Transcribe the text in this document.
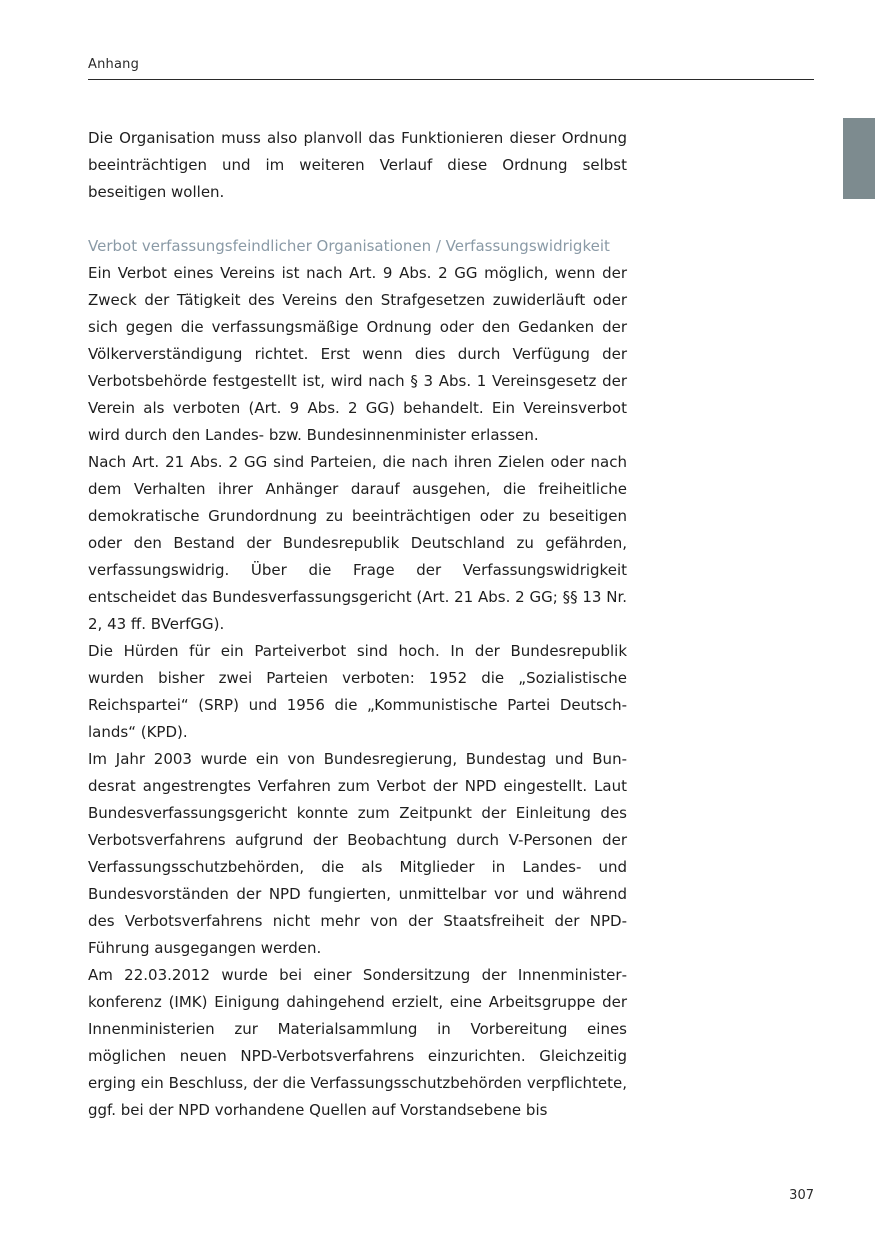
Anhang

Die Organisation muss also planvoll das Funktionieren dieser Ordnung beeinträchtigen und im weiteren Verlauf diese Ordnung selbst beseitigen wollen.

Verbot verfassungsfeindlicher Organisationen / Verfassungswidrigkeit

Ein Verbot eines Vereins ist nach Art. 9 Abs. 2 GG möglich, wenn der Zweck der Tätigkeit des Vereins den Strafgesetzen zuwiderläuft oder sich gegen die verfassungsmäßige Ordnung oder den Gedanken der Völkerverständigung richtet. Erst wenn dies durch Verfügung der Verbotsbehörde festgestellt ist, wird nach § 3 Abs. 1 Vereinsgesetz der Verein als verboten (Art. 9 Abs. 2 GG) behandelt. Ein Vereinsverbot wird durch den Landes- bzw. Bundesinnenminister erlassen.

Nach Art. 21 Abs. 2 GG sind Parteien, die nach ihren Zielen oder nach dem Verhalten ihrer Anhänger darauf ausgehen, die freiheitliche demokratische Grundordnung zu beeinträchtigen oder zu beseitigen oder den Bestand der Bundesrepublik Deutschland zu gefährden, verfassungswidrig. Über die Frage der Verfassungswidrigkeit entscheidet das Bundesverfassungsgericht (Art. 21 Abs. 2 GG; §§ 13 Nr. 2, 43 ff. BVerfGG).

Die Hürden für ein Parteiverbot sind hoch. In der Bundesrepublik wurden bisher zwei Parteien verboten: 1952 die „Sozialistische Reichspartei“ (SRP) und 1956 die „Kommunistische Partei Deutschlands“ (KPD).

Im Jahr 2003 wurde ein von Bundesregierung, Bundestag und Bundesrat angestrengtes Verfahren zum Verbot der NPD eingestellt. Laut Bundesverfassungsgericht konnte zum Zeitpunkt der Einleitung des Verbotsverfahrens aufgrund der Beobachtung durch V-Personen der Verfassungsschutzbehörden, die als Mitglieder in Landes- und Bundesvorständen der NPD fungierten, unmittelbar vor und während des Verbotsverfahrens nicht mehr von der Staatsfreiheit der NPD-Führung ausgegangen werden.

Am 22.03.2012 wurde bei einer Sondersitzung der Innenministerkonferenz (IMK) Einigung dahingehend erzielt, eine Arbeitsgruppe der Innenministerien zur Materialsammlung in Vorbereitung eines möglichen neuen NPD-Verbotsverfahrens einzurichten. Gleichzeitig erging ein Beschluss, der die Verfassungsschutzbehörden verpflichtete, ggf. bei der NPD vorhandene Quellen auf Vorstandsebene bis

307
